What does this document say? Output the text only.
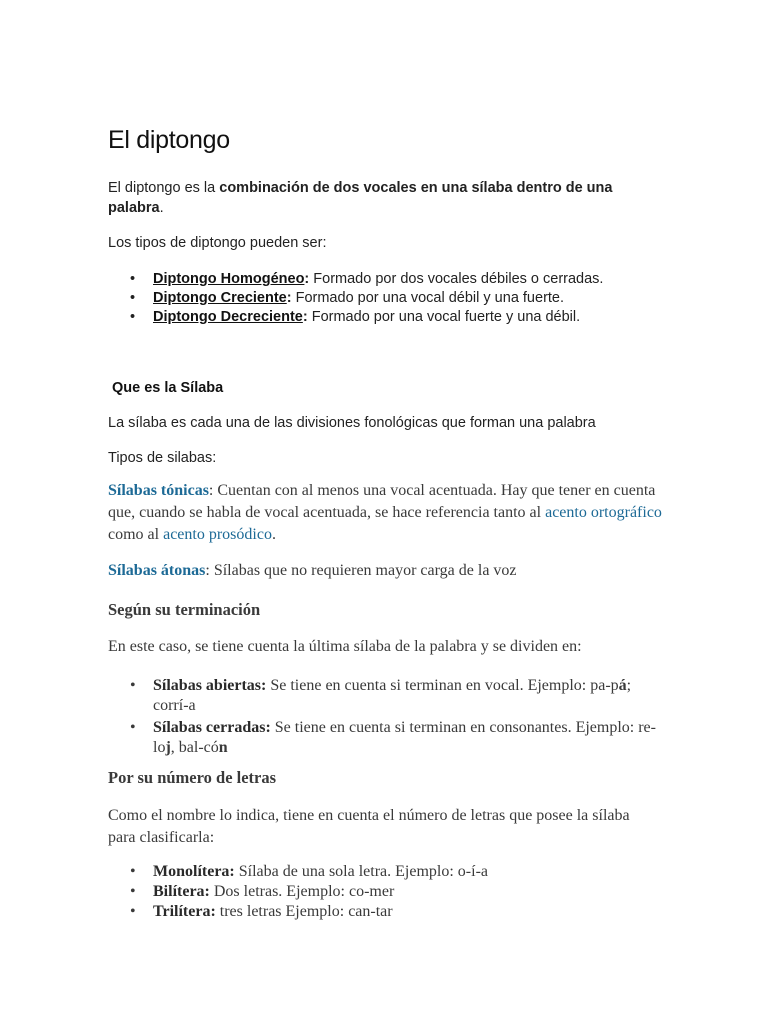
El diptongo

El diptongo es la combinación de dos vocales en una sílaba dentro de una palabra.

Los tipos de diptongo pueden ser:

• Diptongo Homogéneo: Formado por dos vocales débiles o cerradas.
• Diptongo Creciente: Formado por una vocal débil y una fuerte.
• Diptongo Decreciente: Formado por una vocal fuerte y una débil.
Que es la Sílaba

La sílaba es cada una de las divisiones fonológicas que forman una palabra

Tipos de silabas:

Sílabas tónicas: Cuentan con al menos una vocal acentuada. Hay que tener en cuenta que, cuando se habla de vocal acentuada, se hace referencia tanto al acento ortográfico como al acento prosódico.

Sílabas átonas: Sílabas que no requieren mayor carga de la voz

Según su terminación

En este caso, se tiene cuenta la última sílaba de la palabra y se dividen en:

• Sílabas abiertas: Se tiene en cuenta si terminan en vocal. Ejemplo: pa-pá; corrí-a
• Sílabas cerradas: Se tiene en cuenta si terminan en consonantes. Ejemplo: re-loj, bal-cón
Por su número de letras

Como el nombre lo indica, tiene en cuenta el número de letras que posee la sílaba para clasificarla:

• Monolítera: Sílaba de una sola letra. Ejemplo: o-í-a
• Bilítera: Dos letras. Ejemplo: co-mer
• Trilítera: tres letras Ejemplo: can-tar
